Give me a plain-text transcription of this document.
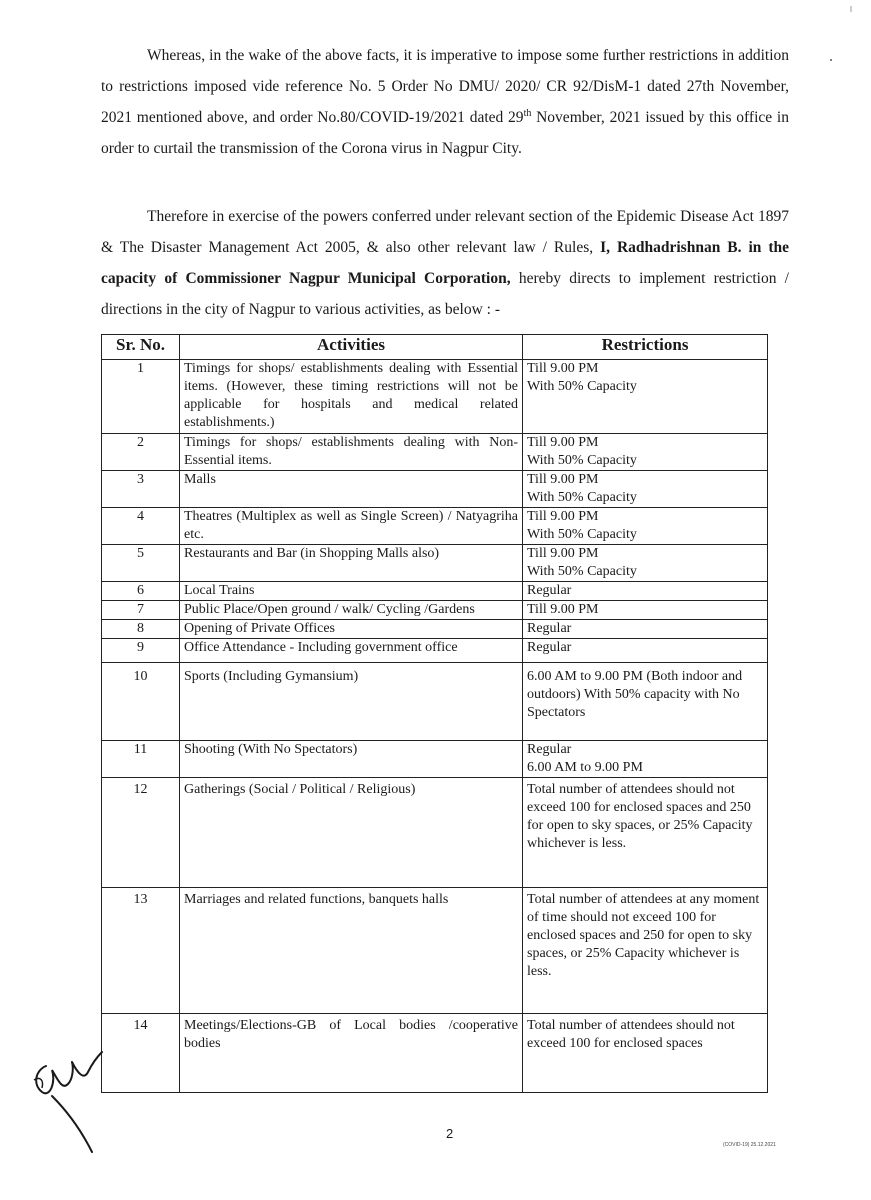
Whereas, in the wake of the above facts, it is imperative to impose some further restrictions in addition to restrictions imposed vide reference No. 5 Order No DMU/ 2020/ CR 92/DisM-1 dated 27th November, 2021 mentioned above, and order No.80/COVID-19/2021 dated 29th November, 2021 issued by this office in order to curtail the transmission of the Corona virus in Nagpur City.

Therefore in exercise of the powers conferred under relevant section of the Epidemic Disease Act 1897 & The Disaster Management Act 2005, & also other relevant law / Rules, I, Radhadrishnan B. in the capacity of Commissioner Nagpur Municipal Corporation, hereby directs to implement restriction / directions in the city of Nagpur to various activities, as below : -

Sr. No.	Activities	Restrictions
1	Timings for shops/ establishments dealing with Essential items. (However, these timing restrictions will not be applicable for hospitals and medical related establishments.)	Till 9.00 PM
With 50% Capacity

2	Timings for shops/ establishments dealing with Non-Essential items.	Till 9.00 PM
With 50% Capacity

3	Malls	Till 9.00 PM
With 50% Capacity

4	Theatres (Multiplex as well as Single Screen) / Natyagriha etc.	Till 9.00 PM
With 50% Capacity

5	Restaurants and Bar (in Shopping Malls also)	Till 9.00 PM
With 50% Capacity

6	Local Trains	Regular
7	Public Place/Open ground / walk/ Cycling /Gardens	Till 9.00 PM
8	Opening of Private Offices	Regular
9	Office Attendance - Including government office	Regular
10	Sports (Including Gymansium)	6.00 AM to 9.00 PM (Both indoor and outdoors) With 50% capacity with No Spectators
11	Shooting (With No Spectators)	Regular
6.00 AM to 9.00 PM

12	Gatherings (Social / Political / Religious)	Total number of attendees should not exceed 100 for enclosed spaces and 250 for open to sky spaces, or 25% Capacity whichever is less.
13	Marriages and related functions, banquets halls	Total number of attendees at any moment of time should not exceed 100 for enclosed spaces and 250 for open to sky spaces, or 25% Capacity whichever is less.
14	Meetings/Elections-GB of Local bodies /cooperative bodies	Total number of attendees should not exceed 100 for enclosed spaces
2
(COVID-19) 25.12.2021
